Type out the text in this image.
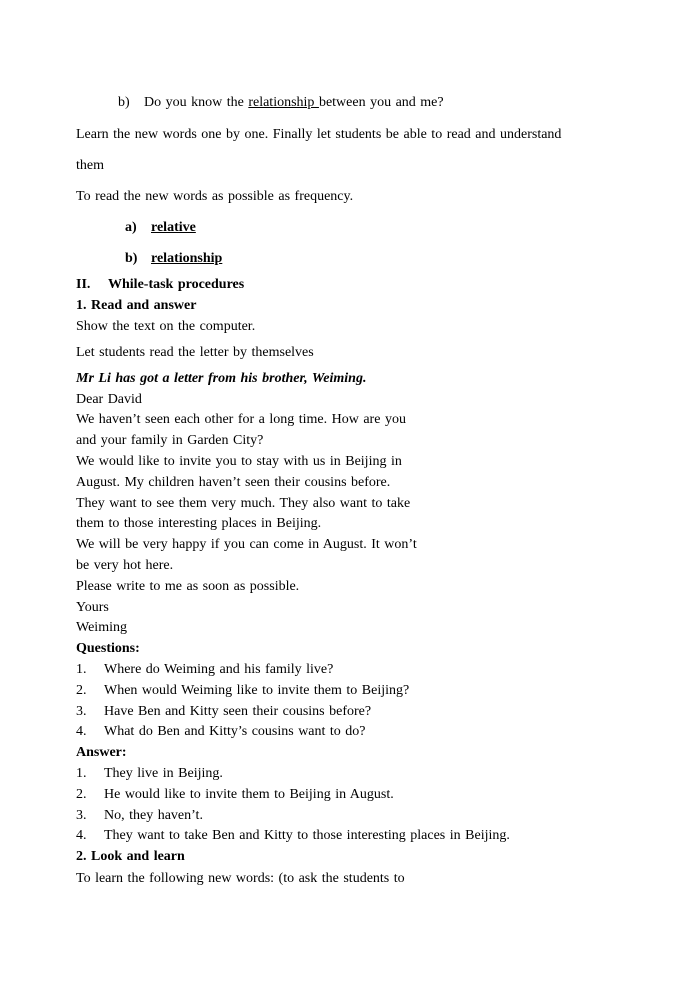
b) Do you know the relationship between you and me?
Learn the new words one by one. Finally let students be able to read and understand
them
To read the new words as possible as frequency.
a) relative
b) relationship
II. While-task procedures
1. Read and answer
Show the text on the computer.
Let students read the letter by themselves
Mr Li has got a letter from his brother, Weiming.
Dear David
We haven’t seen each other for a long time. How are you
and your family in Garden City?
We would like to invite you to stay with us in Beijing in
August. My children haven’t seen their cousins before.
They want to see them very much. They also want to take
them to those interesting places in Beijing.
We will be very happy if you can come in August. It won’t
be very hot here.
Please write to me as soon as possible.
Yours
Weiming
Questions:
1. Where do Weiming and his family live?
2. When would Weiming like to invite them to Beijing?
3. Have Ben and Kitty seen their cousins before?
4. What do Ben and Kitty’s cousins want to do?
Answer:
1. They live in Beijing.
2. He would like to invite them to Beijing in August.
3. No, they haven’t.
4. They want to take Ben and Kitty to those interesting places in Beijing.
2. Look and learn
To learn the following new words: (to ask the students to
